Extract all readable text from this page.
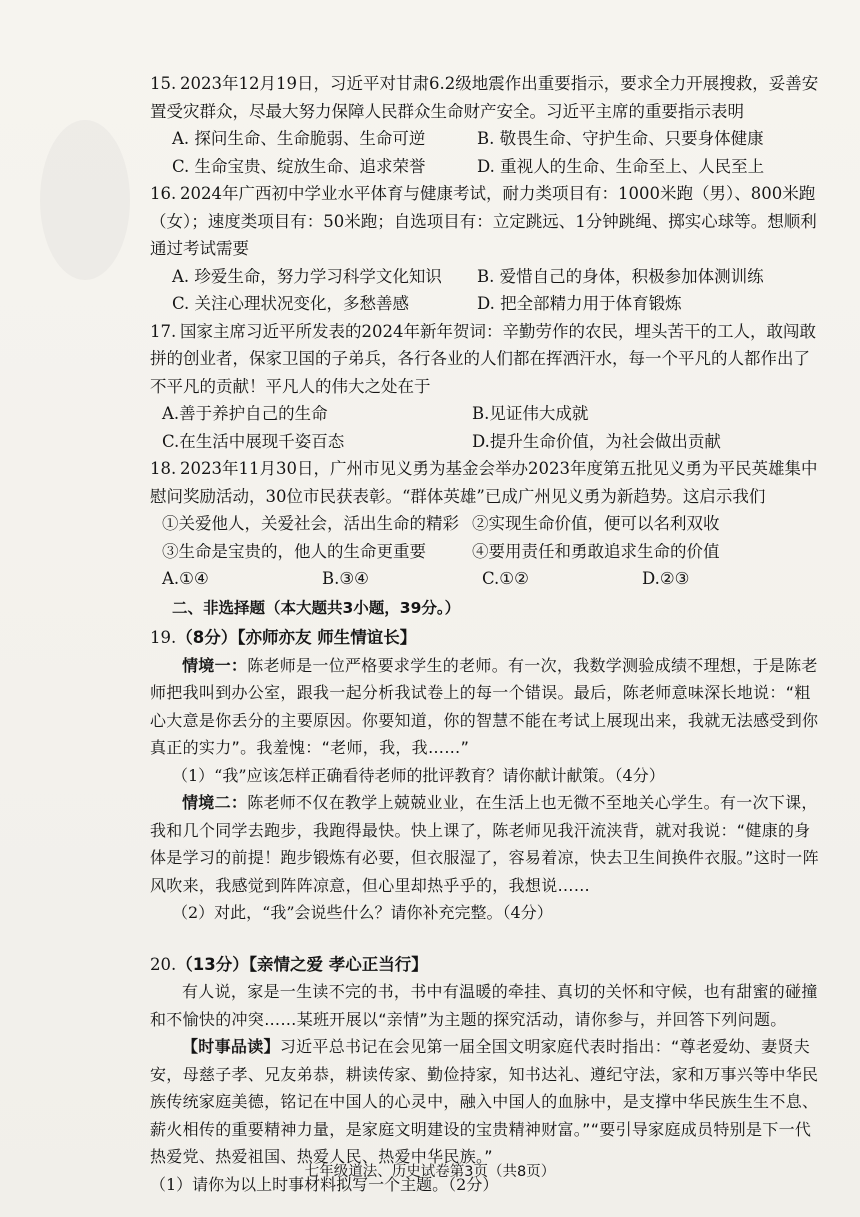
15. 2023年12月19日，习近平对甘肃6.2级地震作出重要指示，要求全力开展搜救，妥善安置受灾群众，尽最大努力保障人民群众生命财产安全。习近平主席的重要指示表明
A. 探问生命、生命脆弱、生命可逆	B. 敬畏生命、守护生命、只要身体健康
C. 生命宝贵、绽放生命、追求荣誉	D. 重视人的生命、生命至上、人民至上
16. 2024年广西初中学业水平体育与健康考试，耐力类项目有：1000米跑（男）、800米跑（女）；速度类项目有：50米跑；自选项目有：立定跳远、1分钟跳绳、掷实心球等。想顺利通过考试需要
A. 珍爱生命，努力学习科学文化知识	B. 爱惜自己的身体，积极参加体测训练
C. 关注心理状况变化，多愁善感	D. 把全部精力用于体育锻炼
17. 国家主席习近平所发表的2024年新年贺词：辛勤劳作的农民，埋头苦干的工人，敢闯敢拼的创业者，保家卫国的子弟兵，各行各业的人们都在挥洒汗水，每一个平凡的人都作出了不平凡的贡献！平凡人的伟大之处在于
A.善于养护自己的生命	B.见证伟大成就
C.在生活中展现千姿百态	D.提升生命价值，为社会做出贡献
18. 2023年11月30日，广州市见义勇为基金会举办2023年度第五批见义勇为平民英雄集中慰问奖励活动，30位市民获表彰。“群体英雄”已成广州见义勇为新趋势。这启示我们
①关爱他人，关爱社会，活出生命的精彩 ②实现生命价值，便可以名利双收
③生命是宝贵的，他人的生命更重要	④要用责任和勇敢追求生命的价值
A.①④	B.③④	C.①②	D.②③
二、非选择题（本大题共3小题，39分。）
19.（8分）【亦师亦友 师生情谊长】
情境一：陈老师是一位严格要求学生的老师。有一次，我数学测验成绩不理想，于是陈老师把我叫到办公室，跟我一起分析我试卷上的每一个错误。最后，陈老师意味深长地说：“粗心大意是你丢分的主要原因。你要知道，你的智慧不能在考试上展现出来，我就无法感受到你真正的实力”。我羞愧：“老师，我，我……”
（1）“我”应该怎样正确看待老师的批评教育？请你献计献策。（4分）
情境二：陈老师不仅在教学上兢兢业业，在生活上也无微不至地关心学生。有一次下课，我和几个同学去跑步，我跑得最快。快上课了，陈老师见我汗流浃背，就对我说：“健康的身体是学习的前提！跑步锻炼有必要，但衣服湿了，容易着凉，快去卫生间换件衣服。”这时一阵风吹来，我感觉到阵阵凉意，但心里却热乎乎的，我想说……
（2）对此，“我”会说些什么？请你补充完整。（4分）
20.（13分）【亲情之爱 孝心正当行】
有人说，家是一生读不完的书，书中有温暖的牵挂、真切的关怀和守候，也有甜蜜的碰撞和不愉快的冲突……某班开展以“亲情”为主题的探究活动，请你参与，并回答下列问题。
【时事品读】习近平总书记在会见第一届全国文明家庭代表时指出：“尊老爱幼、妻贤夫安，母慈子孝、兄友弟恭，耕读传家、勤俭持家，知书达礼、遵纪守法，家和万事兴等中华民族传统家庭美德，铭记在中国人的心灵中，融入中国人的血脉中，是支撑中华民族生生不息、薪火相传的重要精神力量，是家庭文明建设的宝贵精神财富。”“要引导家庭成员特别是下一代热爱党、热爱祖国、热爱人民、热爱中华民族。”
（1）请你为以上时事材料拟写一个主题。（2分）
七年级道法、历史试卷第3页（共8页）
